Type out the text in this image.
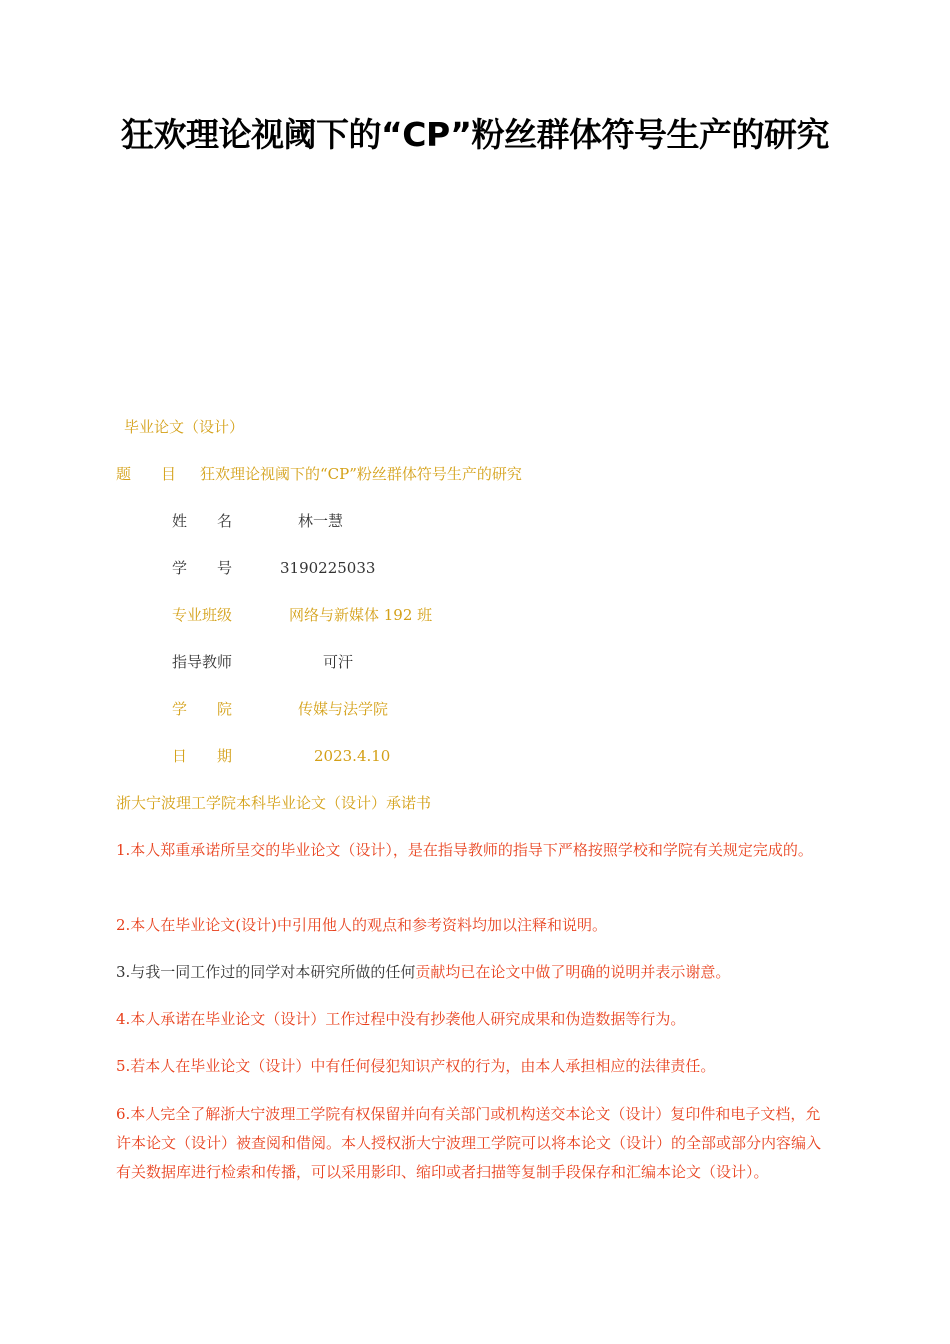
狂欢理论视阈下的“CP”粉丝群体符号生产的研究
毕业论文（设计）
题　　目 狂欢理论视阈下的“CP”粉丝群体符号生产的研究
姓　　名	林一慧
学　　号	3190225033
专业班级	网络与新媒体 192 班
指导教师	可汗
学　　院	传媒与法学院
日　　期	2023.4.10
浙大宁波理工学院本科毕业论文（设计）承诺书
1.本人郑重承诺所呈交的毕业论文（设计），是在指导教师的指导下严格按照学校和学院有关规定完成的。
2.本人在毕业论文(设计)中引用他人的观点和参考资料均加以注释和说明。
3.与我一同工作过的同学对本研究所做的任何贡献均已在论文中做了明确的说明并表示谢意。
4.本人承诺在毕业论文（设计）工作过程中没有抄袭他人研究成果和伪造数据等行为。
5.若本人在毕业论文（设计）中有任何侵犯知识产权的行为，由本人承担相应的法律责任。
6.本人完全了解浙大宁波理工学院有权保留并向有关部门或机构送交本论文（设计）复印件和电子文档，允许本论文（设计）被查阅和借阅。本人授权浙大宁波理工学院可以将本论文（设计）的全部或部分内容编入有关数据库进行检索和传播，可以采用影印、缩印或者扫描等复制手段保存和汇编本论文（设计）。
